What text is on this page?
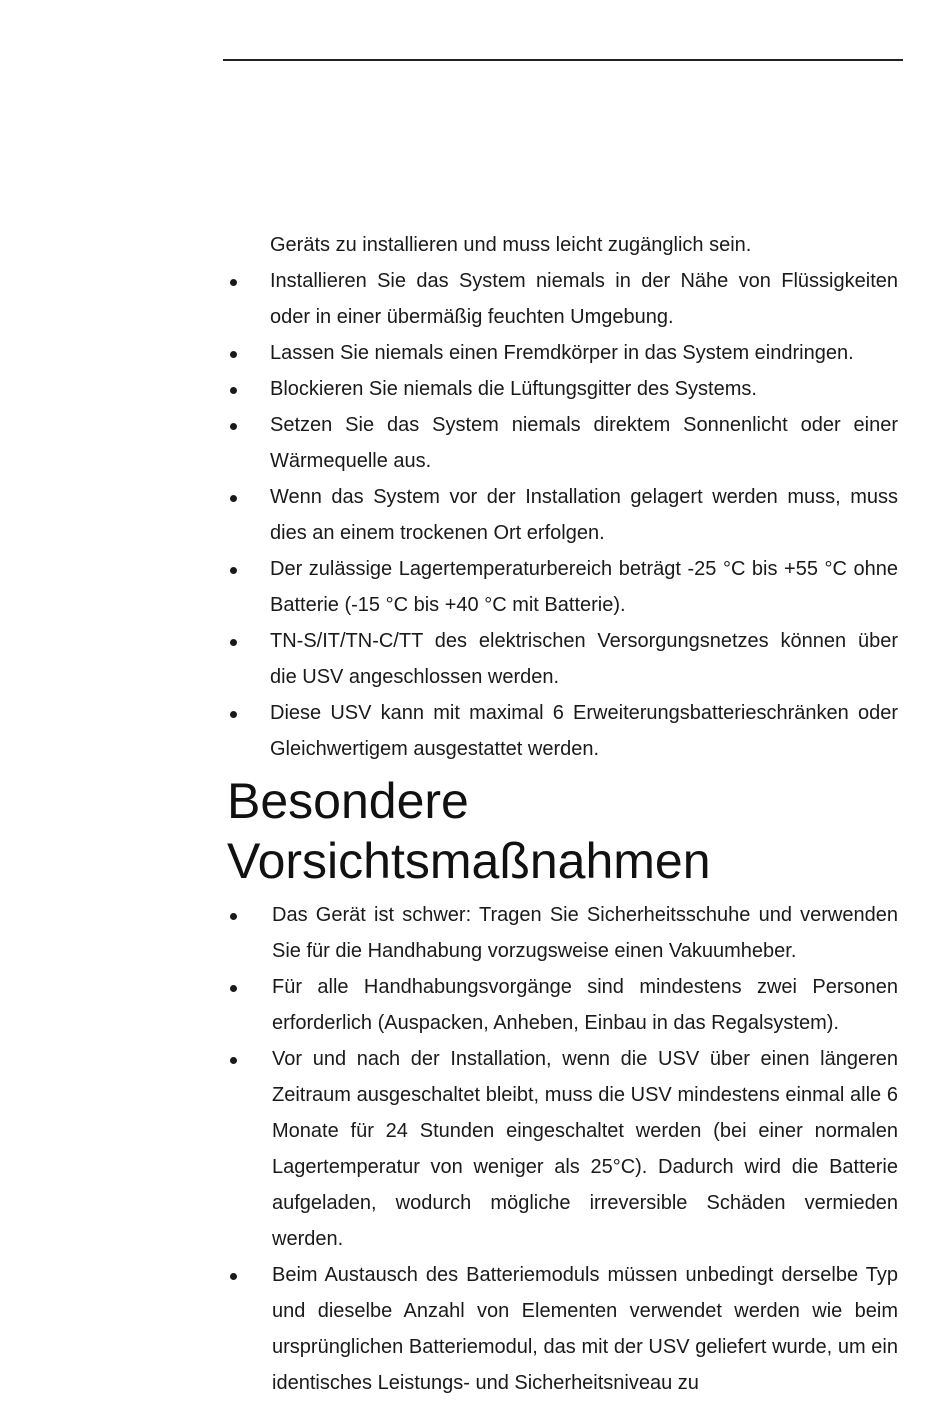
Geräts zu installieren und muss leicht zugänglich sein.

Installieren Sie das System niemals in der Nähe von Flüssigkeiten oder in einer übermäßig feuchten Umgebung.
Lassen Sie niemals einen Fremdkörper in das System eindringen.
Blockieren Sie niemals die Lüftungsgitter des Systems.
Setzen Sie das System niemals direktem Sonnenlicht oder einer Wärmequelle aus.
Wenn das System vor der Installation gelagert werden muss, muss dies an einem trockenen Ort erfolgen.
Der zulässige Lagertemperaturbereich beträgt -25 °C bis +55 °C ohne Batterie (-15 °C bis +40 °C mit Batterie).
TN-S/IT/TN-C/TT des elektrischen Versorgungsnetzes können über die USV angeschlossen werden.
Diese USV kann mit maximal 6 Erweiterungsbatterieschränken oder Gleichwertigem ausgestattet werden.
Besondere Vorsichtsmaßnahmen
Das Gerät ist schwer: Tragen Sie Sicherheitsschuhe und verwenden Sie für die Handhabung vorzugsweise einen Vakuumheber.
Für alle Handhabungsvorgänge sind mindestens zwei Personen erforderlich (Auspacken, Anheben, Einbau in das Regalsystem).
Vor und nach der Installation, wenn die USV über einen längeren Zeitraum ausgeschaltet bleibt, muss die USV mindestens einmal alle 6 Monate für 24 Stunden eingeschaltet werden (bei einer normalen Lagertemperatur von weniger als 25°C). Dadurch wird die Batterie aufgeladen, wodurch mögliche irreversible Schäden vermieden werden.
Beim Austausch des Batteriemoduls müssen unbedingt derselbe Typ und dieselbe Anzahl von Elementen verwendet werden wie beim ursprünglichen Batteriemodul, das mit der USV geliefert wurde, um ein identisches Leistungs- und Sicherheitsniveau zu
